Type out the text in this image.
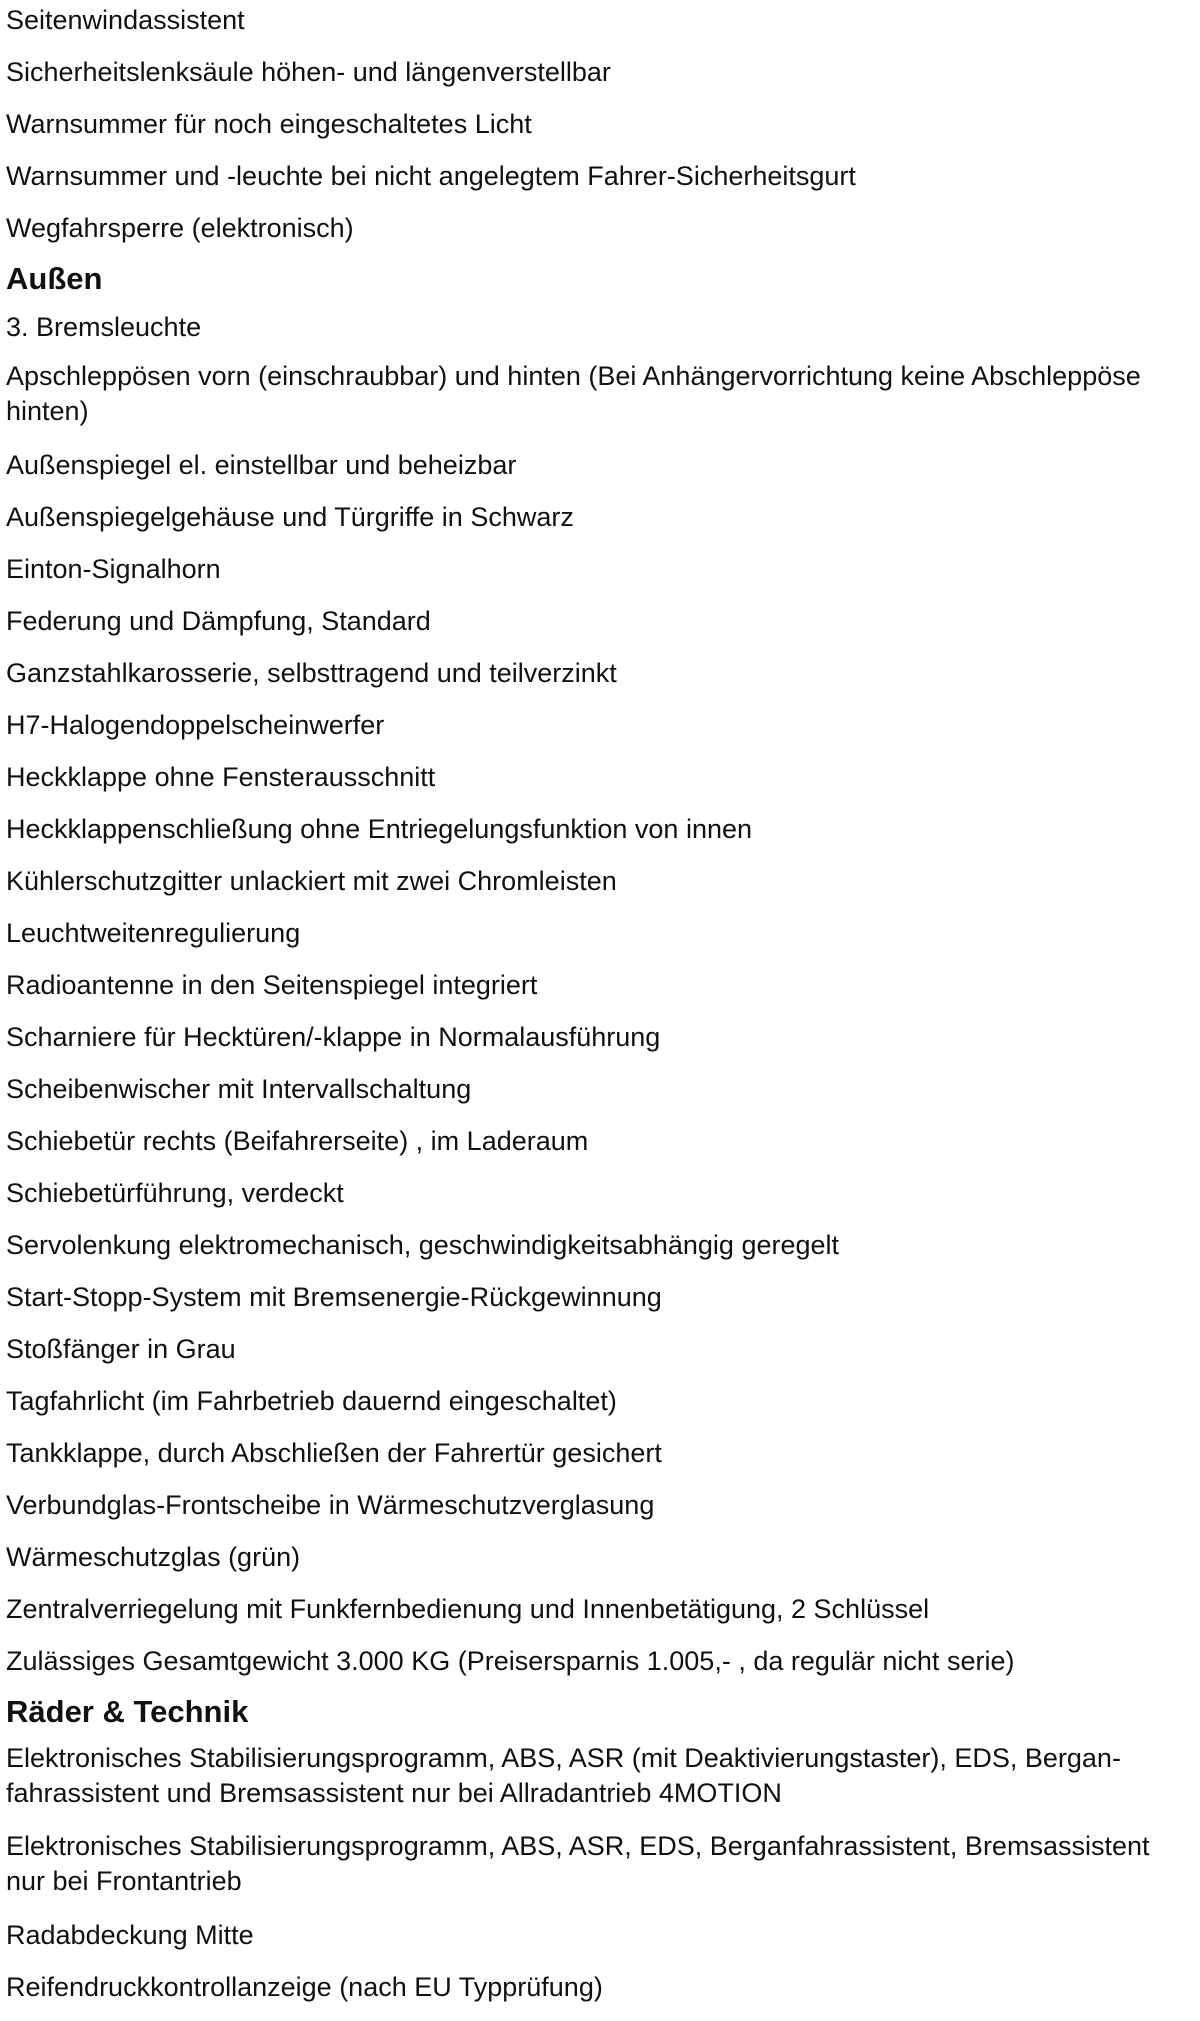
Seitenwindassistent
Sicherheitslenksäule höhen- und längenverstellbar
Warnsummer für noch eingeschaltetes Licht
Warnsummer und -leuchte bei nicht angelegtem Fahrer-Sicherheitsgurt
Wegfahrsperre (elektronisch)
Außen
3. Bremsleuchte
Apschleppösen vorn (einschraubbar) und hinten (Bei Anhängervorrichtung keine Abschleppöse hinten)
Außenspiegel el. einstellbar und beheizbar
Außenspiegelgehäuse und Türgriffe in Schwarz
Einton-Signalhorn
Federung und Dämpfung, Standard
Ganzstahlkarosserie, selbsttragend und teilverzinkt
H7-Halogendoppelscheinwerfer
Heckklappe ohne Fensterausschnitt
Heckklappenschließung ohne Entriegelungsfunktion von innen
Kühlerschutzgitter unlackiert mit zwei Chromleisten
Leuchtweitenregulierung
Radioantenne in den Seitenspiegel integriert
Scharniere für Hecktüren/-klappe in Normalausführung
Scheibenwischer mit Intervallschaltung
Schiebetür rechts (Beifahrerseite) , im Laderaum
Schiebetürführung, verdeckt
Servolenkung elektromechanisch, geschwindigkeitsabhängig geregelt
Start-Stopp-System mit Bremsenergie-Rückgewinnung
Stoßfänger in Grau
Tagfahrlicht (im Fahrbetrieb dauernd eingeschaltet)
Tankklappe, durch Abschließen der Fahrertür gesichert
Verbundglas-Frontscheibe in Wärmeschutzverglasung
Wärmeschutzglas (grün)
Zentralverriegelung mit Funkfernbedienung und Innenbetätigung, 2 Schlüssel
Zulässiges Gesamtgewicht 3.000 KG (Preisersparnis 1.005,- , da regulär nicht serie)
Räder & Technik
Elektronisches Stabilisierungsprogramm, ABS, ASR (mit Deaktivierungstaster), EDS, Bergan-fahrassistent und Bremsassistent nur bei Allradantrieb 4MOTION
Elektronisches Stabilisierungsprogramm, ABS, ASR, EDS, Berganfahrassistent, Bremsassistent nur bei Frontantrieb
Radabdeckung Mitte
Reifendruckkontrollanzeige (nach EU Typprüfung)
